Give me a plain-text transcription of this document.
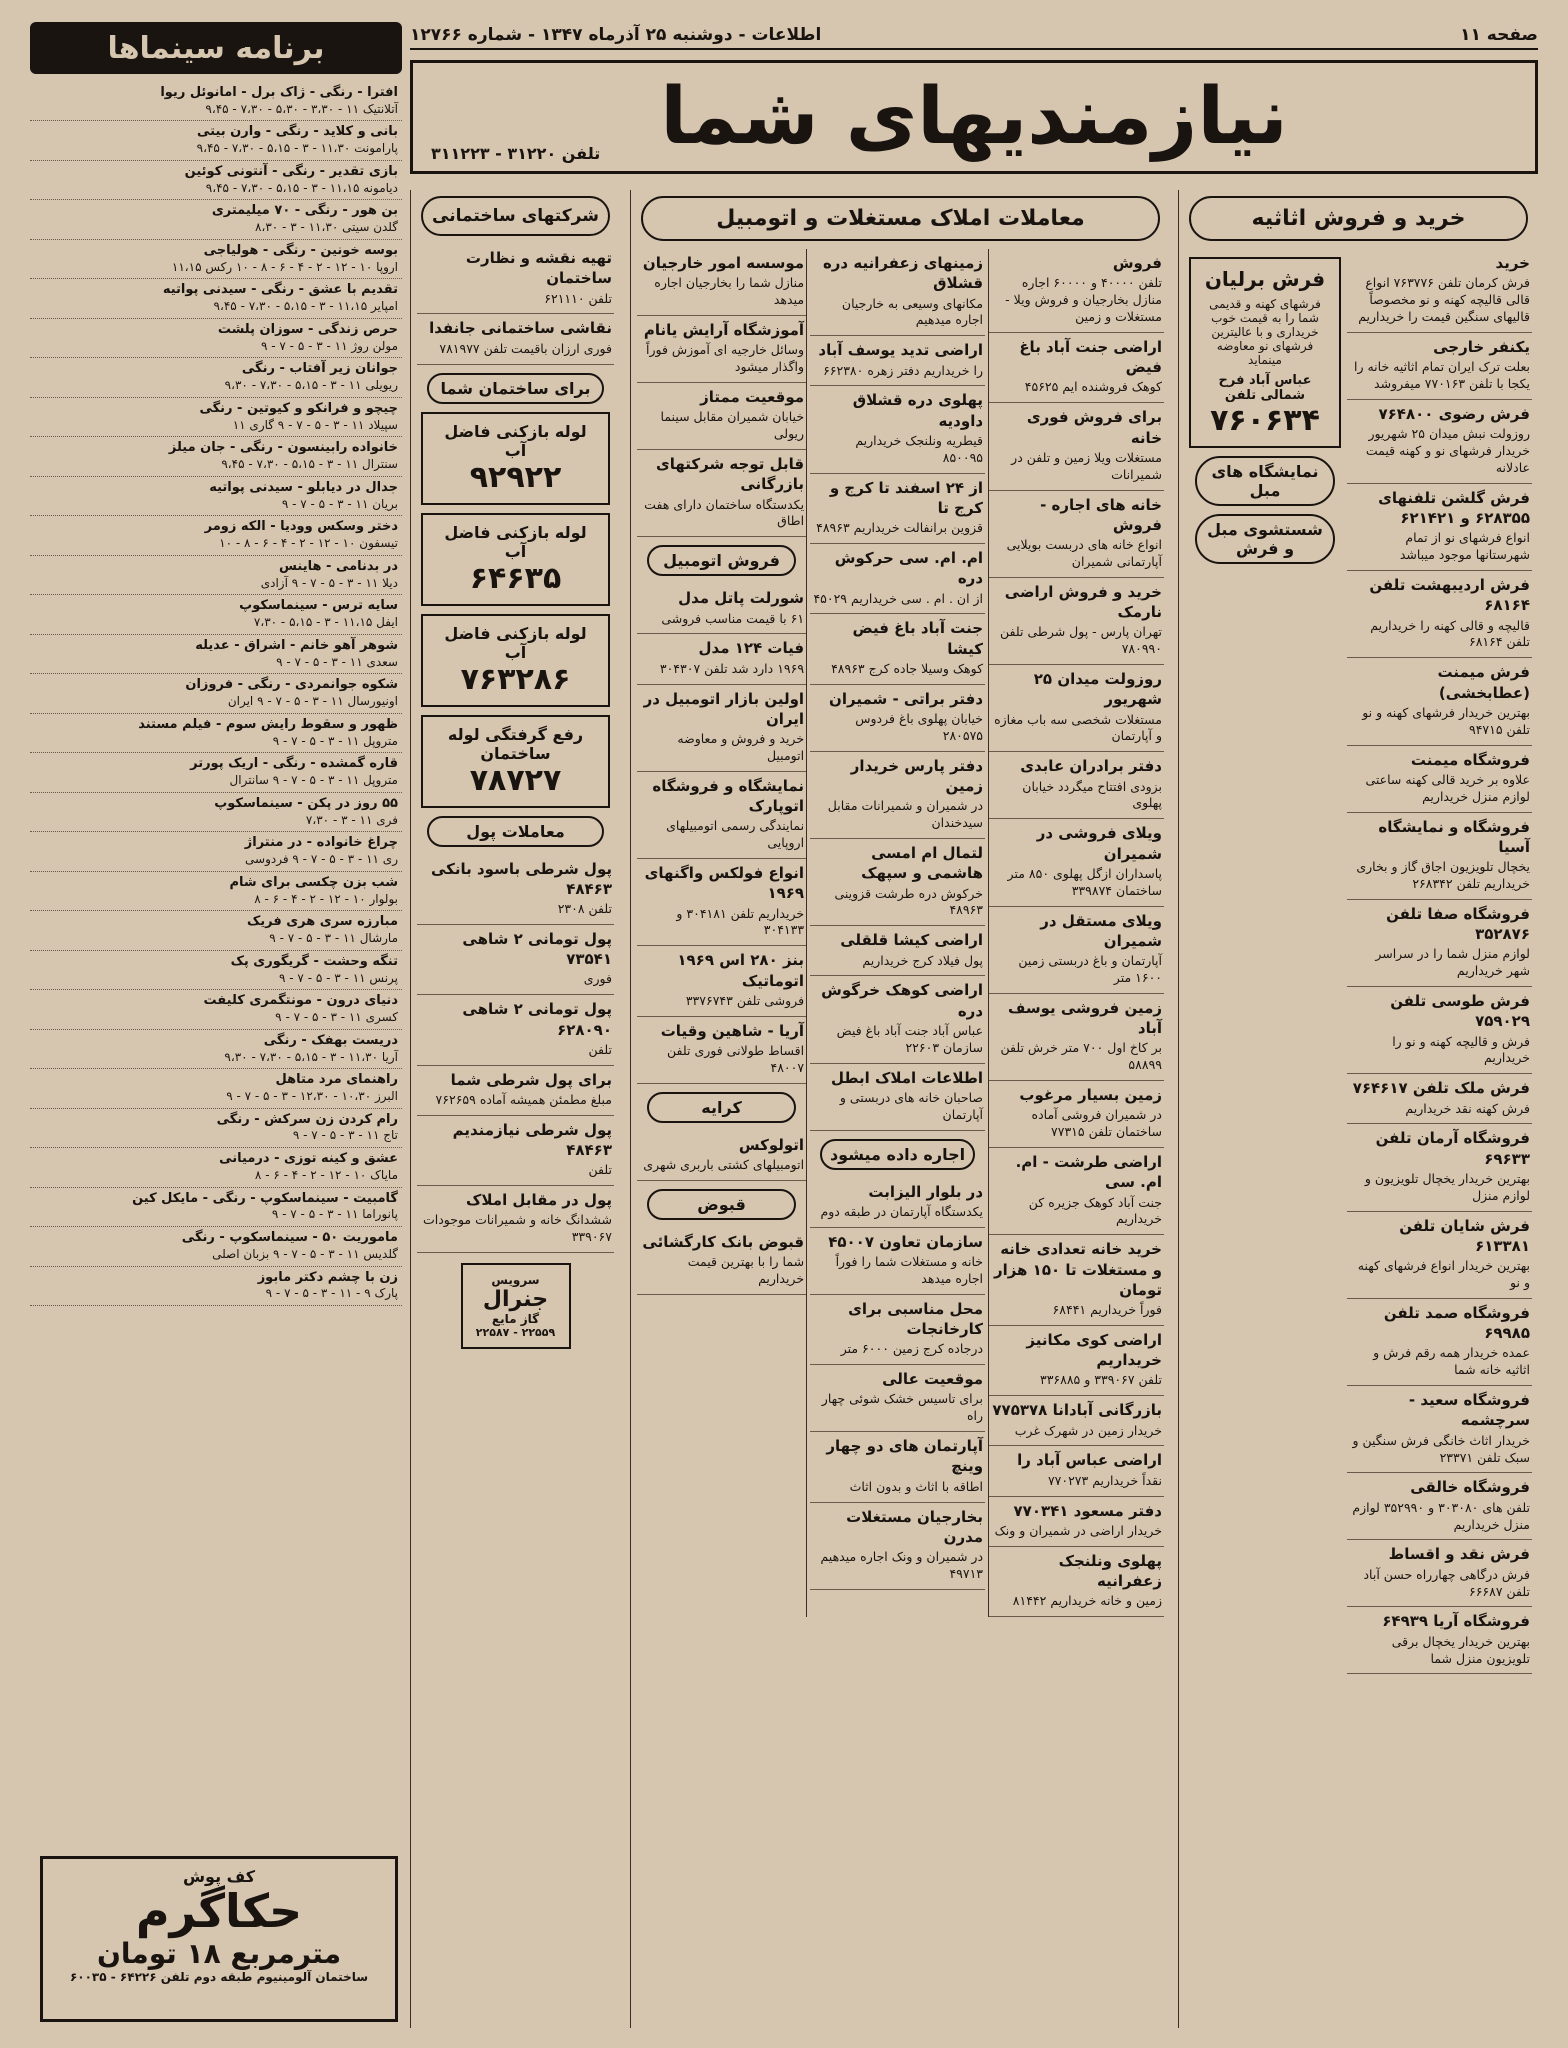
صفحه ۱۱
اطلاعات - دوشنبه ۲۵ آذرماه ۱۳۴۷ - شماره ۱۲۷۶۶
نیازمندیهای شما
تلفن ۳۱۲۲۰ - ۳۱۱۲۲۳
خرید و فروش اثاثیه
خرید
فرش کرمان تلفن ۷۶۳۷۷۶ انواع قالی قالیچه کهنه و نو مخصوصاً قالیهای سنگین قیمت را خریداریم
یکنفر خارجی
بعلت ترک ایران تمام اثاثیه خانه را یکجا با تلفن ۷۷۰۱۶۳ میفروشد
فرش رضوی ۷۶۴۸۰۰
روزولت نبش میدان ۲۵ شهریور خریدار فرشهای نو و کهنه قیمت عادلانه
فرش گلشن تلفنهای ۶۲۸۳۵۵ و ۶۲۱۴۲۱
انواع فرشهای نو از تمام شهرستانها موجود میباشد
فرش اردیبهشت تلفن ۶۸۱۶۴
قالیچه و قالی کهنه را خریداریم تلفن ۶۸۱۶۴
فرش میمنت (عطابخشی)
بهترین خریدار فرشهای کهنه و نو تلفن ۹۴۷۱۵
فروشگاه میمنت
علاوه بر خرید قالی کهنه ساعتی لوازم منزل خریداریم
فروشگاه و نمایشگاه آسیا
یخچال تلویزیون اجاق گاز و بخاری خریداریم تلفن ۲۶۸۳۴۲
فروشگاه صفا تلفن ۳۵۲۸۷۶
لوازم منزل شما را در سراسر شهر خریداریم
فرش طوسی تلفن ۷۵۹۰۲۹
فرش و قالیچه کهنه و نو را خریداریم
فرش ملک تلفن ۷۶۴۶۱۷
فرش کهنه نقد خریداریم
فروشگاه آرمان تلفن ۶۹۶۳۳
بهترین خریدار یخچال تلویزیون و لوازم منزل
فرش شایان تلفن ۶۱۳۳۸۱
بهترین خریدار انواع فرشهای کهنه و نو
فروشگاه صمد تلفن ۶۹۹۸۵
عمده خریدار همه رقم فرش و اثاثیه خانه شما
فروشگاه سعید - سرچشمه
خریدار اثاث خانگی فرش سنگین و سبک تلفن ۲۳۳۷۱
فروشگاه خالقی
تلفن های ۳۰۳۰۸۰ و ۳۵۲۹۹۰ لوازم منزل خریداریم
فرش نقد و اقساط
فرش درگاهی چهارراه حسن آباد تلفن ۶۶۶۸۷
فروشگاه آریا ۶۴۹۳۹
بهترین خریدار یخچال برقی تلویزیون منزل شما
فرش برلیان
فرشهای کهنه و قدیمی شما را به قیمت خوب خریداری و با عالیترین فرشهای نو معاوضه مینماید
عباس آباد فرح شمالی تلفن
۷۶۰۶۳۴
نمایشگاه های مبل
شستشوی مبل و فرش
معاملات املاک مستغلات و اتومبیل
فروش
تلفن ۴۰۰۰۰ و ۶۰۰۰۰ اجاره منازل بخارجیان و فروش ویلا - مستغلات و زمین
اراضی جنت آباد باغ فیض
کوهک فروشنده ایم ۴۵۶۲۵
برای فروش فوری خانه
مستغلات ویلا زمین و تلفن در شمیرانات
خانه های اجاره - فروش
انواع خانه های دربست بویلایی آپارتمانی شمیران
خرید و فروش اراضی نارمک
تهران پارس - پول شرطی تلفن ۷۸۰۹۹۰
روزولت میدان ۲۵ شهریور
مستغلات شخصی سه باب مغازه و آپارتمان
دفتر برادران عابدی
بزودی افتتاح میگردد خیابان پهلوی
ویلای فروشی در شمیران
پاسداران ازگل پهلوی ۸۵۰ متر ساختمان ۳۳۹۸۷۴
ویلای مستقل در شمیران
آپارتمان و باغ دربستی زمین ۱۶۰۰ متر
زمین فروشی یوسف آباد
بر کاخ اول ۷۰۰ متر خرش تلفن ۵۸۸۹۹
زمین بسیار مرغوب
در شمیران فروشی آماده ساختمان تلفن ۷۷۳۱۵
اراضی طرشت - ام. ام. سی
جنت آباد کوهک جزیره کن خریداریم
خرید خانه تعدادی خانه و مستغلات تا ۱۵۰ هزار تومان
فوراً خریداریم ۶۸۴۴۱
اراضی کوی مکانیز خریداریم
تلفن ۳۳۹۰۶۷ و ۳۳۶۸۸۵
بازرگانی آبادانا ۷۷۵۳۷۸
خریدار زمین در شهرک غرب
اراضی عباس آباد را
نقداً خریداریم ۷۷۰۲۷۳
دفتر مسعود ۷۷۰۳۴۱
خریدار اراضی در شمیران و ونک
پهلوی ونلنجک زعفرانیه
زمین و خانه خریداریم ۸۱۴۴۲
زمینهای زعفرانیه دره قشلاق
مکانهای وسیعی به خارجیان اجاره میدهیم
اراضی تدید یوسف آباد
را خریداریم دفتر زهره ۶۶۲۳۸۰
پهلوی دره قشلاق داودیه
قیطریه ونلنجک خریداریم ۸۵۰۰۹۵
از ۲۴ اسفند تا کرج و کرج تا
قزوین برانفالت خریداریم ۴۸۹۶۳
ام. ام. سی حرکوش دره
از ان . ام . سی خریداریم ۴۵۰۲۹
جنت آباد باغ فیض کیشا
کوهک وسیلا جاده کرج ۴۸۹۶۳
دفتر براتی - شمیران
خیابان پهلوی باغ فردوس ۲۸۰۵۷۵
دفتر پارس خریدار زمین
در شمیران و شمیرانات مقابل سیدخندان
لتمال ام امسی هاشمی و سپهک
خرکوش دره طرشت قزوینی ۴۸۹۶۳
اراضی کیشا قلقلی
پول فیلاد کرج خریداریم
اراضی کوهک خرگوش دره
عباس آباد جنت آباد باغ فیض سازمان ۲۲۶۰۳
اطلاعات املاک ابطل
صاحبان خانه های دربستی و آپارتمان
اجاره داده میشود
در بلوار الیزابت
یکدستگاه آپارتمان در طبقه دوم
سازمان تعاون ۴۵۰۰۷
خانه و مستغلات شما را فوراً اجاره میدهد
محل مناسبی برای کارخانجات
درجاده کرج زمین ۶۰۰۰ متر
موقعیت عالی
برای تاسیس خشک شوئی چهار راه
آپارتمان های دو چهار وینچ
اطاقه با اثاث و بدون اثاث
بخارجیان مستغلات مدرن
در شمیران و ونک اجاره میدهیم ۴۹۷۱۳
موسسه امور خارجیان
منازل شما را بخارجیان اجاره میدهد
آموزشگاه آرایش یانام
وسائل خارجیه ای آموزش فوراً واگذار میشود
موقعیت ممتاز
خیابان شمیران مقابل سینما ریولی
قابل توجه شرکتهای بازرگانی
یکدستگاه ساختمان دارای هفت اطاق
فروش اتومبیل
شورلت پاتل مدل
۶۱ با قیمت مناسب فروشی
فیات ۱۲۴ مدل
۱۹۶۹ دارد شد تلفن ۳۰۴۳۰۷
اولین بازار اتومبیل در ایران
خرید و فروش و معاوضه اتومبیل
نمایشگاه و فروشگاه اتوپارک
نمایندگی رسمی اتومبیلهای اروپایی
انواع فولکس واگنهای ۱۹۶۹
خریداریم تلفن ۳۰۴۱۸۱ و ۳۰۴۱۳۳
بنز ۲۸۰ اس ۱۹۶۹ اتوماتیک
فروشی تلفن ۳۳۷۶۷۴۳
آریا - شاهین وقیات
اقساط طولانی فوری تلفن ۴۸۰۰۷
کرایه
اتولوکس
اتومبیلهای کشتی باربری شهری
قبوض
قبوض بانک کارگشائی
شما را با بهترین قیمت خریداریم
شرکتهای ساختمانی
تهیه نقشه و نظارت ساختمان
تلفن ۶۲۱۱۱۰
نقاشی ساختمانی جانفدا
فوری ارزان باقیمت تلفن ۷۸۱۹۷۷
برای ساختمان شما
لوله بازکنی فاضل آب
۹۲۹۲۲
لوله بازکنی فاضل آب
۶۴۶۳۵
لوله بازکنی فاضل آب
۷۶۳۲۸۶
رفع گرفتگی لوله ساختمان
۷۸۷۲۷
معاملات پول
پول شرطی باسود بانکی ۴۸۴۶۳
تلفن ۲۳۰۸
پول تومانی ۲ شاهی ۷۳۵۴۱
فوری
پول تومانی ۲ شاهی ۶۲۸۰۹۰
تلفن
برای پول شرطی شما
مبلغ مطمئن همیشه آماده ۷۶۲۶۵۹
پول شرطی نیازمندیم ۴۸۴۶۳
تلفن
پول در مقابل املاک
ششدانگ خانه و شمیرانات موجودات ۳۳۹۰۶۷
سرویس
جنرال
گاز مایع
۲۲۵۵۹ - ۲۲۵۸۷
برنامه سینماها
افترا - رنگی - ژاک برل - امانوئل ریوا
آتلانتیک ۱۱ - ۳،۳۰ - ۵،۳۰ - ۷،۳۰ - ۹،۴۵
بانی و کلاید - رنگی - وارن بیتی
پارامونت ۱۱،۳۰ - ۳ - ۵،۱۵ - ۷،۳۰ - ۹،۴۵
بازی تقدیر - رنگی - آنتونی کوئین
دیامونه ۱۱،۱۵ - ۳ - ۵،۱۵ - ۷،۳۰ - ۹،۴۵
بن هور - رنگی - ۷۰ میلیمتری
گلدن سیتی ۱۱،۳۰ - ۳ - ۸،۳۰
بوسه خونین - رنگی - هولیاجی
اروپا ۱۰ - ۱۲ - ۲ - ۴ - ۶ - ۸ - ۱۰ رکس ۱۱،۱۵
تقدیم با عشق - رنگی - سیدنی پواتیه
امپایر ۱۱،۱۵ - ۳ - ۵،۱۵ - ۷،۳۰ - ۹،۴۵
حرص زندگی - سوزان پلشت
مولن روژ ۱۱ - ۳ - ۵ - ۷ - ۹
جوانان زیر آفتاب - رنگی
ریویلی ۱۱ - ۳ - ۵،۱۵ - ۷،۳۰ - ۹،۳۰
چیچو و فرانکو و کیوتین - رنگی
سپیلاد ۱۱ - ۳ - ۵ - ۷ - ۹ گاری ۱۱
خانواده رابینسون - رنگی - جان میلز
سنترال ۱۱ - ۳ - ۵،۱۵ - ۷،۳۰ - ۹،۴۵
جدال در دیابلو - سیدنی پواتیه
بریان ۱۱ - ۳ - ۵ - ۷ - ۹
دختر وسکس وودیا - الکه زومر
تیسفون ۱۰ - ۱۲ - ۲ - ۴ - ۶ - ۸ - ۱۰
در بدنامی - هاینس
دیلا ۱۱ - ۳ - ۵ - ۷ - ۹ آزادی
سایه ترس - سینماسکوپ
ایفل ۱۱،۱۵ - ۳ - ۵،۱۵ - ۷،۳۰
شوهر آهو خانم - اشراق - عدیله
سعدی ۱۱ - ۳ - ۵ - ۷ - ۹
شکوه جوانمردی - رنگی - فروزان
اونیورسال ۱۱ - ۳ - ۵ - ۷ - ۹ ایران
ظهور و سقوط رایش سوم - فیلم مستند
متروپل ۱۱ - ۳ - ۵ - ۷ - ۹
قاره گمشده - رنگی - اریک پورتر
متروپل ۱۱ - ۳ - ۵ - ۷ - ۹ سانترال
۵۵ روز در پکن - سینماسکوپ
فری ۱۱ - ۳ - ۷،۳۰
چراغ خانواده - در منتراژ
ری ۱۱ - ۳ - ۵ - ۷ - ۹ فردوسی
شب بزن چکسی برای شام
بولوار ۱۰ - ۱۲ - ۲ - ۴ - ۶ - ۸
مبارزه سری هری فریک
مارشال ۱۱ - ۳ - ۵ - ۷ - ۹
تنگه وحشت - گریگوری پک
پرنس ۱۱ - ۳ - ۵ - ۷ - ۹
دنیای درون - مونتگمری کلیفت
کسری ۱۱ - ۳ - ۵ - ۷ - ۹
دریست بهفک - رنگی
آریا ۱۱،۳۰ - ۳ - ۵،۱۵ - ۷،۳۰ - ۹،۳۰
راهنمای مرد متاهل
البرز ۱۰،۳۰ - ۱۲،۳۰ - ۳ - ۵ - ۷ - ۹
رام کردن زن سرکش - رنگی
تاج ۱۱ - ۳ - ۵ - ۷ - ۹
عشق و کینه توزی - درمیانی
مایاک ۱۰ - ۱۲ - ۲ - ۴ - ۶ - ۸
گامبیت - سینماسکوپ - رنگی - مایکل کین
پانوراما ۱۱ - ۳ - ۵ - ۷ - ۹
ماموریت ۵۰ - سینماسکوپ - رنگی
گلدیس ۱۱ - ۳ - ۵ - ۷ - ۹ بزبان اصلی
زن با چشم دکتر مابوز
پارک ۹ - ۱۱ - ۳ - ۵ - ۷ - ۹
کف پوش
حکاگرم
مترمربع ۱۸ تومان
ساختمان آلومینیوم طبقه دوم تلفن ۶۴۲۲۶ - ۶۰۰۳۵
